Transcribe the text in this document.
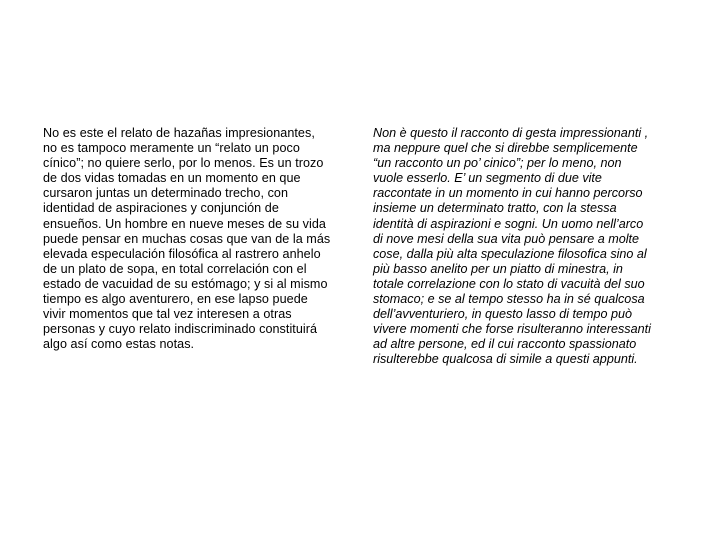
No es este el relato de hazañas impresionantes,
no es tampoco meramente un “relato un poco
cínico”; no quiere serlo, por lo menos. Es un trozo
de dos vidas tomadas en un momento en que
cursaron juntas un determinado trecho, con
identidad de aspiraciones y conjunción de
ensueños. Un hombre en nueve meses de su vida
puede pensar en muchas cosas que van de la más
elevada especulación filosófica al rastrero anhelo
de un plato de sopa, en total correlación con el
estado de vacuidad de su estómago; y si al mismo
tiempo es algo aventurero, en ese lapso puede
vivir momentos que tal vez interesen a otras
personas y cuyo relato indiscriminado constituirá
algo así como estas notas.

Non è questo il racconto di gesta impressionanti ,
ma neppure quel che si direbbe semplicemente
“un racconto un po’ cinico”; per lo meno, non
vuole esserlo. E’ un segmento di due vite
raccontate in un momento in cui hanno percorso
insieme un determinato tratto, con la stessa
identità di aspirazioni e sogni. Un uomo nell’arco
di nove mesi della sua vita può pensare a molte
cose, dalla più alta speculazione filosofica sino al
più basso anelito per un piatto di minestra, in
totale correlazione con lo stato di vacuità del suo
stomaco; e se al tempo stesso ha in sé qualcosa
dell’avventuriero, in questo lasso di tempo può
vivere momenti che forse risulteranno interessanti
ad altre persone, ed il cui racconto spassionato
risulterebbe qualcosa di simile a questi appunti.
